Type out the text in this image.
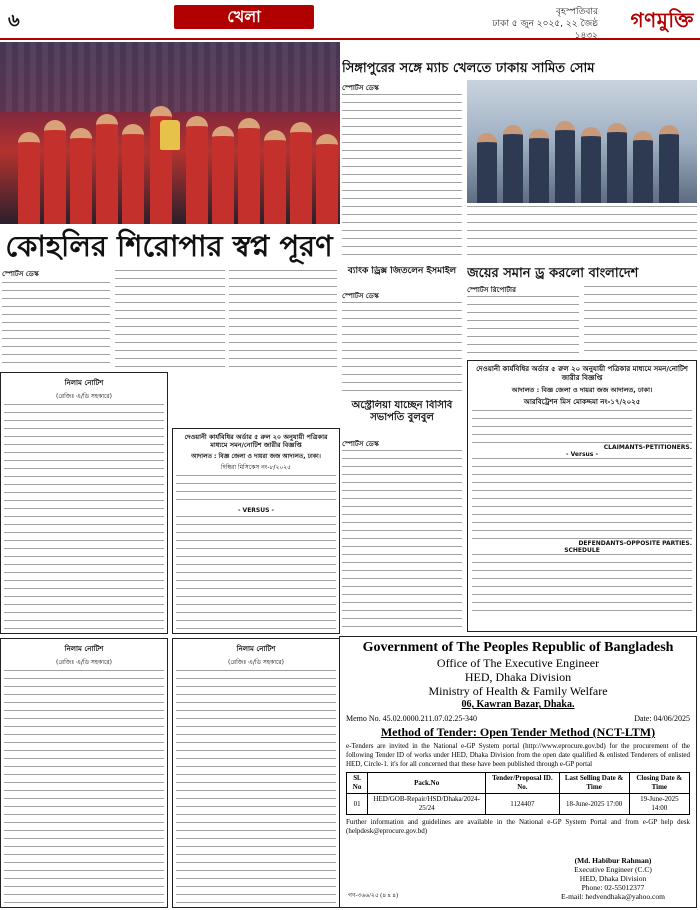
৬	খেলা	বৃহস্পতিবার
ঢাকা ৫ জুন ২০২৫, ২২ জৈষ্ঠ ১৪৩২
গণমুক্তি
কোহলির শিরোপার স্বপ্ন পূরণ
স্পোর্টস ডেস্ক
নিলাম নোটিশ
(রেজিঃ এ/ডি সহকারে)
নিলাম নোটিশ
(রেজিঃ এ/ডি সহকারে)
দেওয়ানী কার্যবিধির অর্ডার ৫ রুল ২০ অনুযায়ী পত্রিকার মাধ্যমে সমন/নোটিশ জারীর বিজ্ঞপ্তি
আদালত : বিজ্ঞ জেলা ও দায়রা জজ আদালত, ঢাকা।
দিম্বিরা মিসিকেস নং-৮/২০২৫
- VERSUS -
নিলাম নোটিশ
(রেজিঃ এ/ডি সহকারে)
সিঙ্গাপুরের সঙ্গে ম্যাচ খেলতে ঢাকায় সামিত সোম
স্পোর্টস ডেস্ক
ব্যাংক ড্রিক্স জিতলেন ইসমাইল
স্পোর্টস ডেস্ক
অস্ট্রেলিয়া যাচ্ছেন বিসিবি সভাপতি বুলবুল
স্পোর্টস ডেস্ক
জয়ের সমান ড্র করলো বাংলাদেশ
স্পোর্টস রিপোর্টার
দেওয়ানী কার্যবিধির অর্ডার ৫ রুল ২০ অনুযায়ী পত্রিকার মাধ্যমে সমন/নোটিশ জারীর বিজ্ঞপ্তি
আদালত : বিজ্ঞ জেলা ও দায়রা জজ আদালত, ঢাকা।
আরবিট্রেশন মিস মোকদ্দমা নং-১৭/২০২৫
CLAIMANTS-PETITIONERS.
- Versus -
DEFENDANTS-OPPOSITE PARTIES.
SCHEDULE
Government of The Peoples Republic of Bangladesh
Office of The Executive Engineer
HED, Dhaka Division
Ministry of Health & Family Welfare
06, Kawran Bazar, Dhaka.
Memo No. 45.02.0000.211.07.02.25-340	Date: 04/06/2025
Method of Tender: Open Tender Method (NCT-LTM)
e-Tenders are invited in the National e-GP System portal (http://www.eprocure.gov.bd) for the procurement of the following Tender ID of works under HED, Dhaka Division from the open date qualified & enlisted Tenderers of enlisted HED, Circle-1. it's for all concerned that these have been published through e-GP portal
Sl. No	Pack.No	Tender/Proposal ID. No.	Last Selling Date & Time	Closing Date & Time
01	HED/GOB-Repair/HSD/Dhaka/2024-25/24	1124407	18-June-2025 17:00	19-June-2025 14:00
Further information and guidelines are available in the National e-GP System Portal and from e-GP help desk (helpdesk@eprocure.gov.bd)
গণ-৩৬৬/২৫ (৪ x ৪)
(Md. Habibur Rahman)
Executive Engineer (C.C)
HED, Dhaka Division
Phone: 02-55012377
E-mail: hedvendhaka@yahoo.com
